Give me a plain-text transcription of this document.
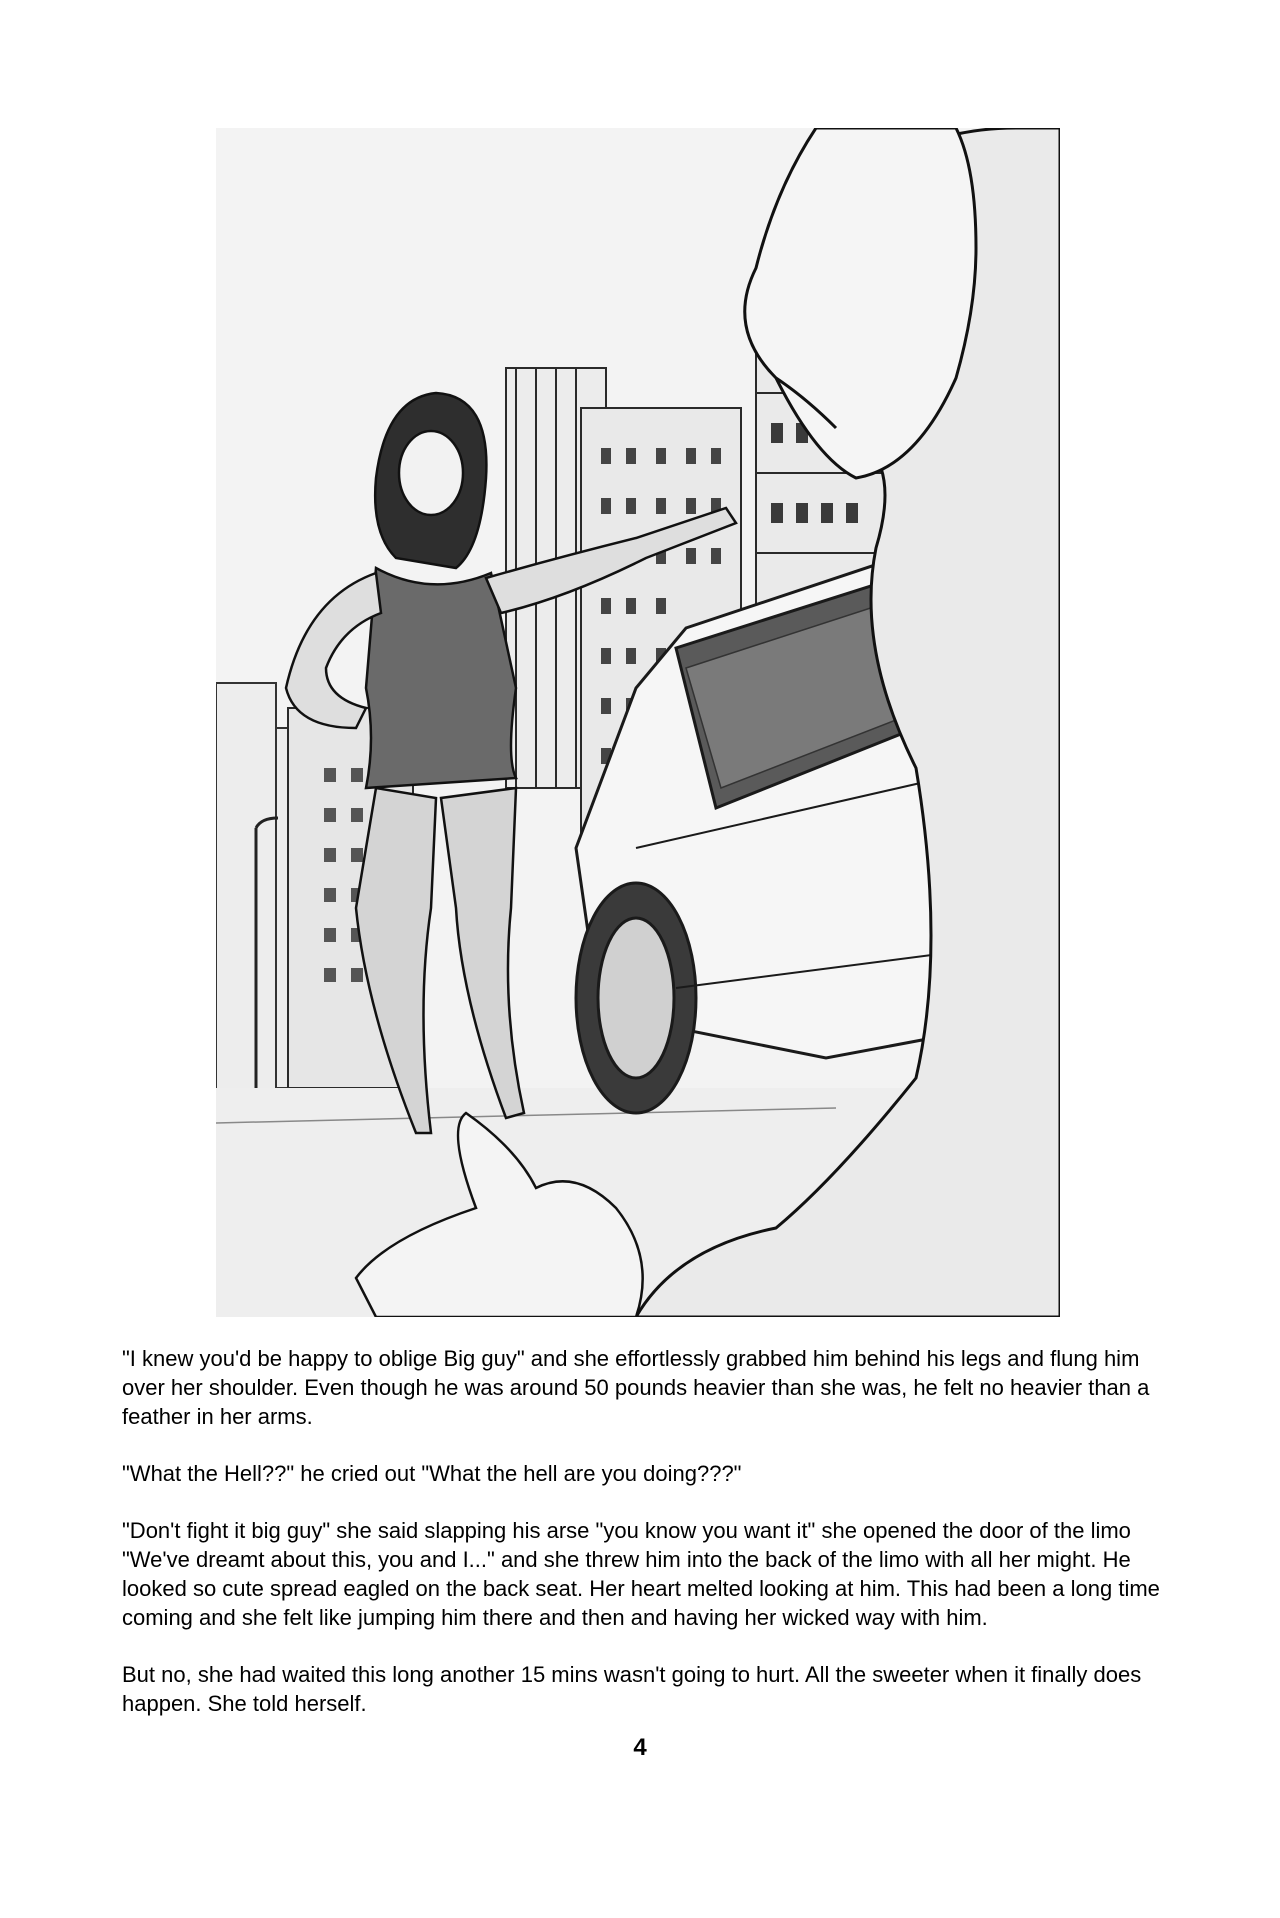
"I knew you'd be happy to oblige Big guy" and she effortlessly grabbed him behind his legs and flung him over her shoulder. Even though he was around 50 pounds heavier than she was, he felt no heavier than a feather in her arms.

"What the Hell??" he cried out "What the hell are you doing???"

"Don't fight it big guy" she said slapping his arse "you know you want it" she opened the door of the limo "We've dreamt about this, you and I..." and she threw him into the back of the limo with all her might. He looked so cute spread eagled on the back seat. Her heart melted looking at him. This had been a long time coming and she felt like jumping him there and then and having her wicked way with him.

But no, she had waited this long another 15 mins wasn't going to hurt. All the sweeter when it finally does happen. She told herself.

4
